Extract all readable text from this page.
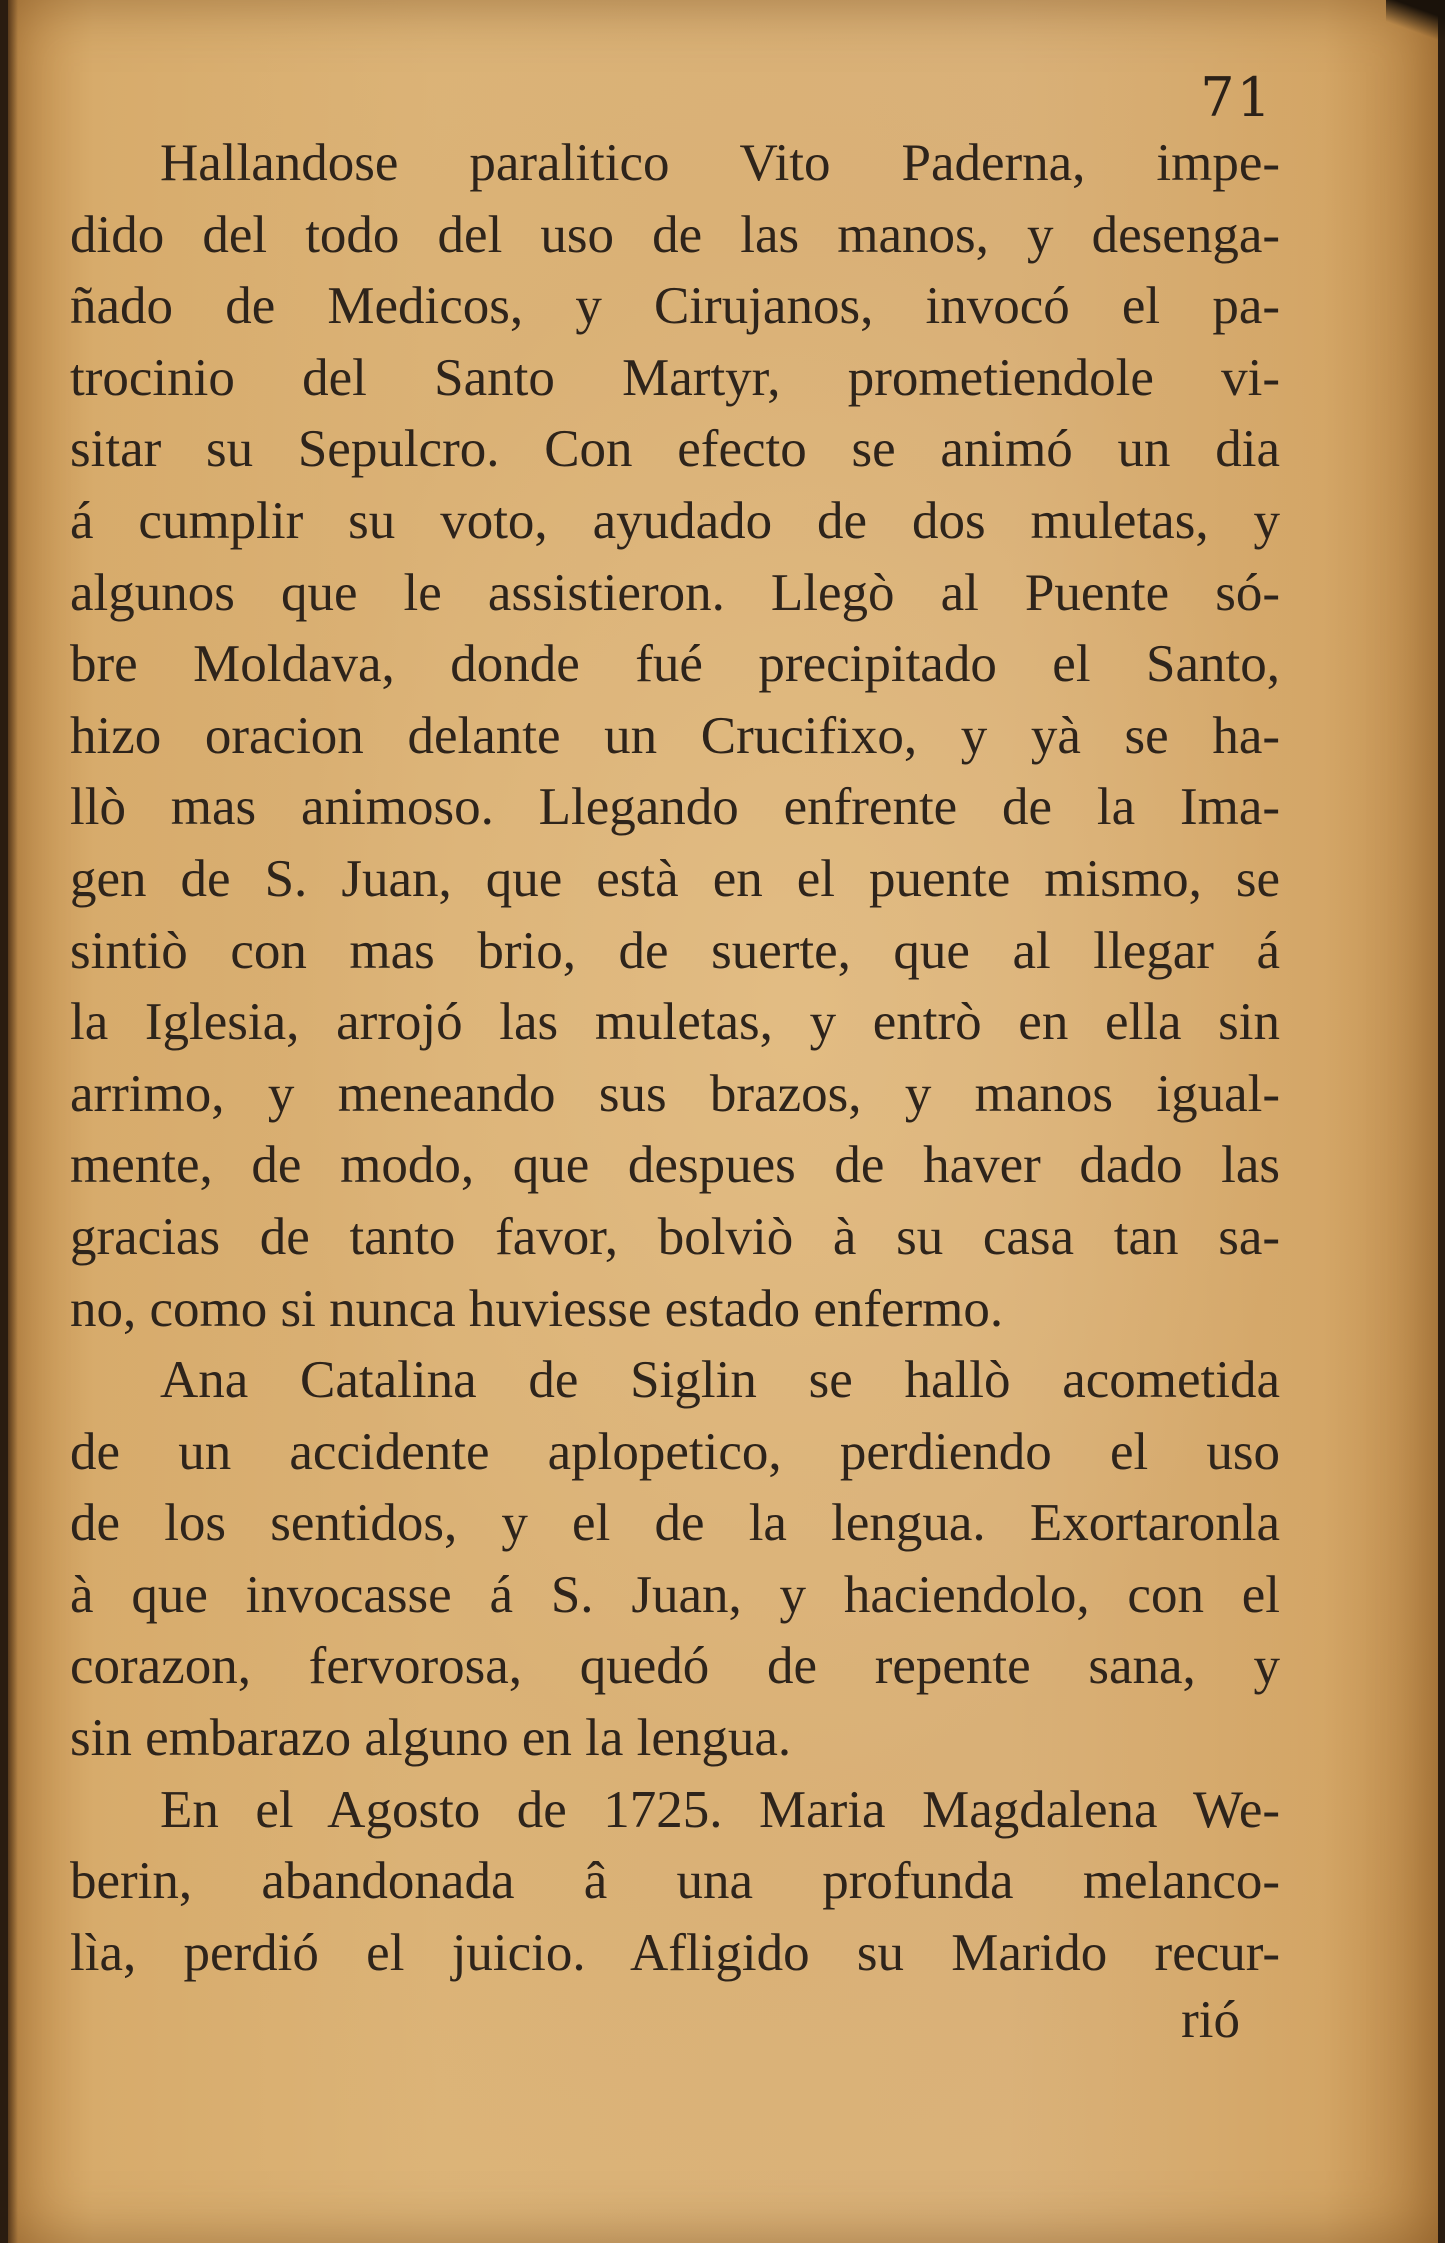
71
Hallandose paralitico Vito Paderna, impe-
dido del todo del uso de las manos, y desenga-
ñado de Medicos, y Cirujanos, invocó el pa-
trocinio del Santo Martyr, prometiendole vi-
sitar su Sepulcro. Con efecto se animó un dia
á cumplir su voto, ayudado de dos muletas, y
algunos que le assistieron. Llegò al Puente só-
bre Moldava, donde fué precipitado el Santo,
hizo oracion delante un Crucifixo, y yà se ha-
llò mas animoso. Llegando enfrente de la Ima-
gen de S. Juan, que està en el puente mismo, se
sintiò con mas brio, de suerte, que al llegar á
la Iglesia, arrojó las muletas, y entrò en ella sin
arrimo, y meneando sus brazos, y manos igual-
mente, de modo, que despues de haver dado las
gracias de tanto favor, bolviò à su casa tan sa-
no, como si nunca huviesse estado enfermo.
Ana Catalina de Siglin se hallò acometida
de un accidente aplopetico, perdiendo el uso
de los sentidos, y el de la lengua. Exortaronla
à que invocasse á S. Juan, y haciendolo, con el
corazon, fervorosa, quedó de repente sana, y
sin embarazo alguno en la lengua.
En el Agosto de 1725. Maria Magdalena We-
berin, abandonada â una profunda melanco-
lìa, perdió el juicio. Afligido su Marido recur-
rió
